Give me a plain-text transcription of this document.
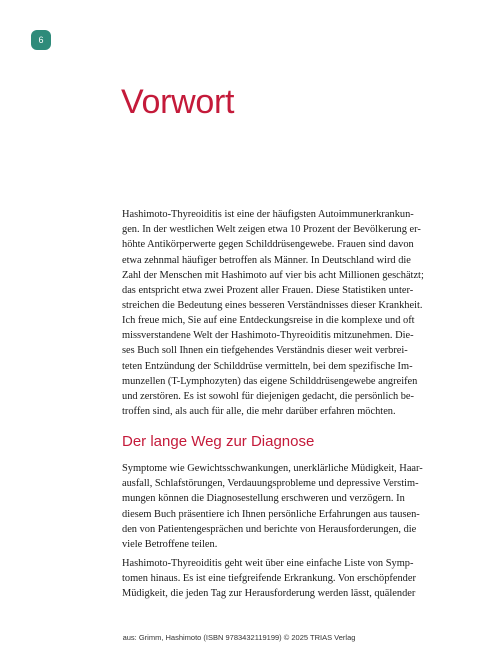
6
Vorwort

Hashimoto-Thyreoiditis ist eine der häufigsten Autoimmunerkrankun-

gen. In der westlichen Welt zeigen etwa 10 Prozent der Bevölkerung er-

höhte Antikörperwerte gegen Schilddrüsengewebe. Frauen sind davon

etwa zehnmal häufiger betroffen als Männer. In Deutschland wird die

Zahl der Menschen mit Hashimoto auf vier bis acht Millionen geschätzt;

das entspricht etwa zwei Prozent aller Frauen. Diese Statistiken unter-

streichen die Bedeutung eines besseren Verständnisses dieser Krankheit.

Ich freue mich, Sie auf eine Entdeckungsreise in die komplexe und oft

missverstandene Welt der Hashimoto-Thyreoiditis mitzunehmen. Die-

ses Buch soll Ihnen ein tiefgehendes Verständnis dieser weit verbrei-

teten Entzündung der Schilddrüse vermitteln, bei dem spezifische Im-

munzellen (T-Lymphozyten) das eigene Schilddrüsengewebe angreifen

und zerstören. Es ist sowohl für diejenigen gedacht, die persönlich be-

troffen sind, als auch für alle, die mehr darüber erfahren möchten.

Der lange Weg zur Diagnose

Symptome wie Gewichtsschwankungen, unerklärliche Müdigkeit, Haar-

ausfall, Schlafstörungen, Verdauungsprobleme und depressive Verstim-

mungen können die Diagnosestellung erschweren und verzögern. In

diesem Buch präsentiere ich Ihnen persönliche Erfahrungen aus tausen-

den von Patientengesprächen und berichte von Herausforderungen, die

viele Betroffene teilen.

Hashimoto-Thyreoiditis geht weit über eine einfache Liste von Symp-

tomen hinaus. Es ist eine tiefgreifende Erkrankung. Von erschöpfender

Müdigkeit, die jeden Tag zur Herausforderung werden lässt, quälender

aus: Grimm, Hashimoto (ISBN 9783432119199) © 2025 TRIAS Verlag
